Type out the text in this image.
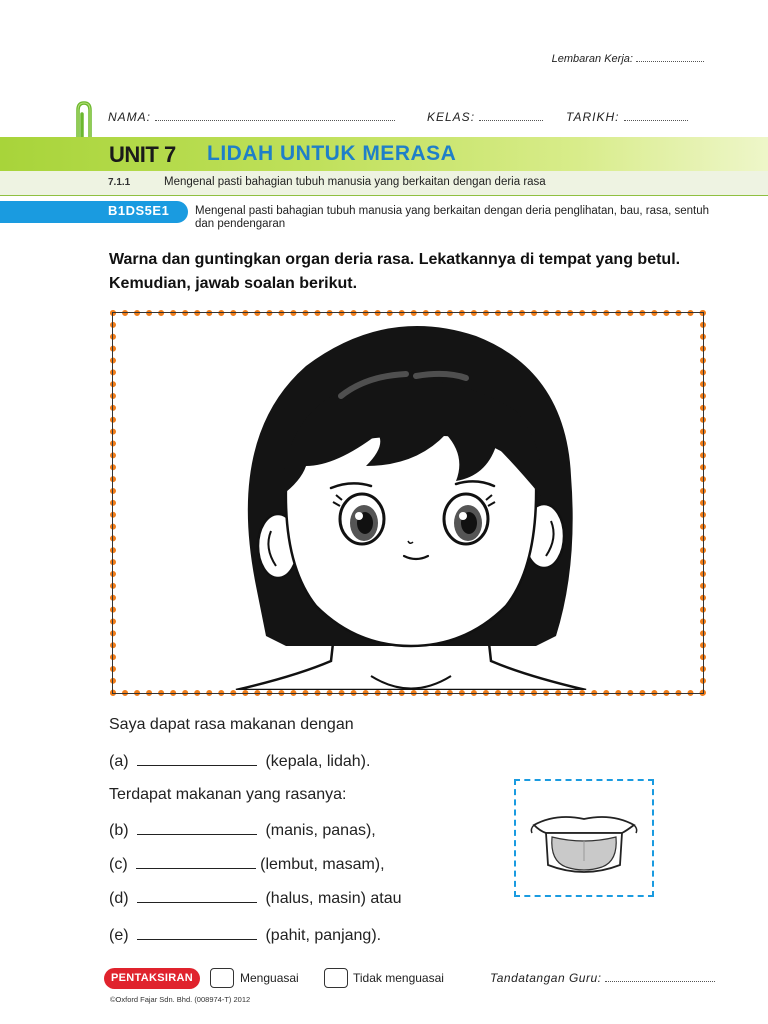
Lembaran Kerja:
NAMA:	KELAS:	TARIKH:
UNIT 7 LIDAH UNTUK MERASA
7.1.1	Mengenal pasti bahagian tubuh manusia yang berkaitan dengan deria rasa
B1DS5E1 Mengenal pasti bahagian tubuh manusia yang berkaitan dengan deria penglihatan, bau, rasa, sentuh dan pendengaran
Warna dan guntingkan organ deria rasa. Lekatkannya di tempat yang betul. Kemudian, jawab soalan berikut.
Saya dapat rasa makanan dengan
(a)	(kepala, lidah).
Terdapat makanan yang rasanya:
(b)	(manis, panas),
(c)	(lembut, masam),
(d)	(halus, masin) atau
(e)	(pahit, panjang).
PENTAKSIRAN	Menguasai	Tidak menguasai	Tandatangan Guru:
©Oxford Fajar Sdn. Bhd. (008974-T) 2012
